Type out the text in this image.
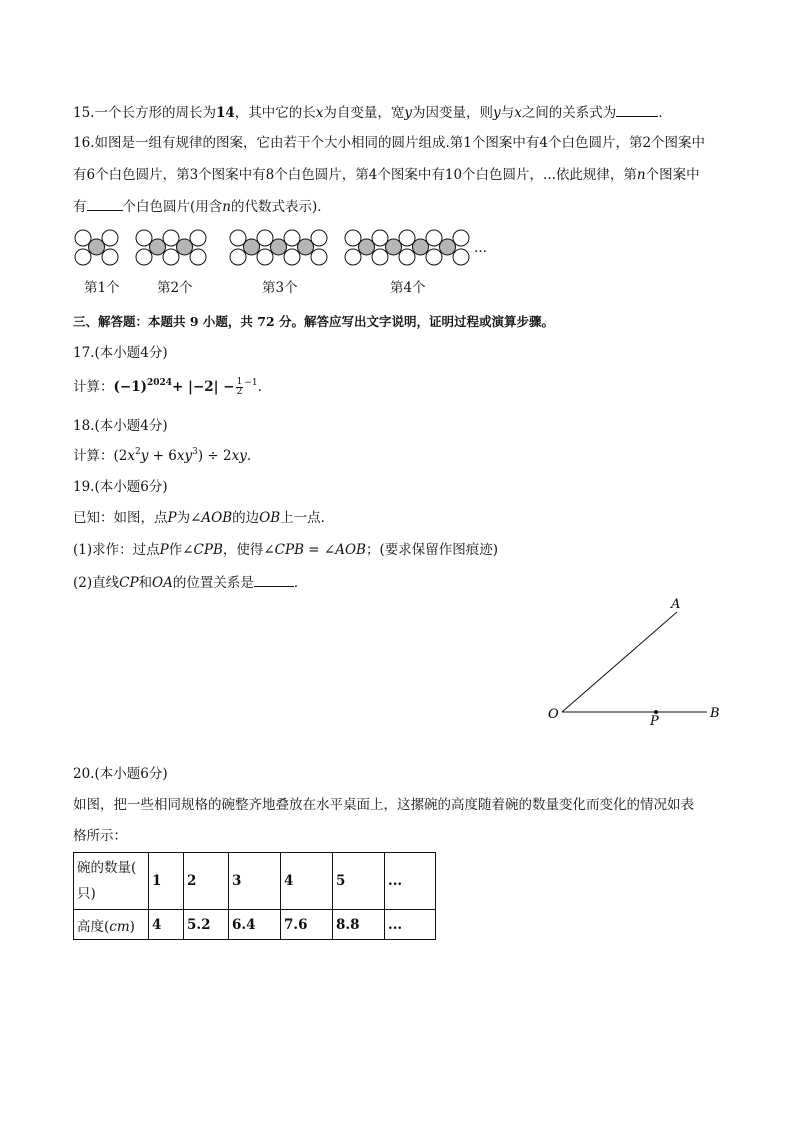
15.一个长方形的周长为14，其中它的长x为自变量，宽y为因变量，则y与x之间的关系式为	．
16.如图是一组有规律的图案，它由若干个大小相同的圆片组成.第1个图案中有4个白色圆片，第2个图案中
有6个白色圆片，第3个图案中有8个白色圆片，第4个图案中有10个白色圆片，...依此规律，第n个图案中
有	个白色圆片(用含n的代数式表示)．
…
第1个	第2个	第3个	第4个
三、解答题：本题共 9 小题，共 72 分。解答应写出文字说明，证明过程或演算步骤。
17.(本小题4分)
计算：$(-1)^{2024}+ |-2| - \frac{1}{2} ^{-1}$.
18.(本小题4分)
计算：$(2x^2y + 6xy^3) \div 2xy$.
19.(本小题6分)
已知：如图，点P为∠AOB的边OB上一点．
(1)求作：过点P作∠CPB，使得∠CPB = ∠AOB；(要求保留作图痕迹)
(2)直线CP和OA的位置关系是	．
A
O	P
B
20.(本小题6分)
如图，把一些相同规格的碗整齐地叠放在水平桌面上，这摞碗的高度随着碗的数量变化而变化的情况如表
格所示：
碗的数量(
只)	1	2	3	4	5	...
高度(cm)	4	5.2	6.4	7.6	8.8	...
